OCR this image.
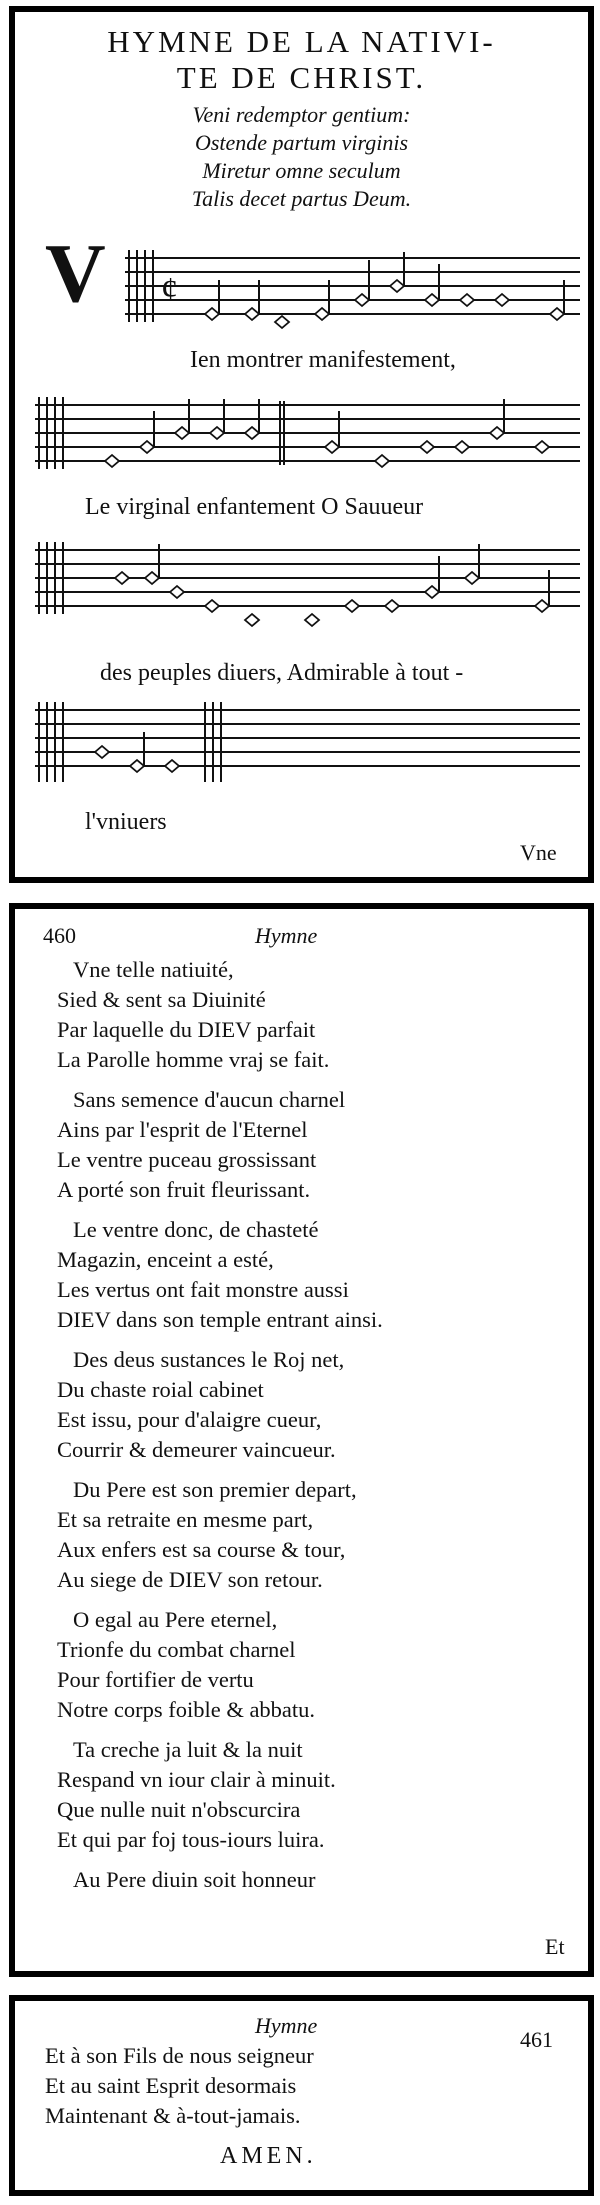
HYMNE DE LA NATIVI-
TE DE CHRIST.
Veni redemptor gentium:
Ostende partum virginis
Miretur omne seculum
Talis decet partus Deum.
V ¢
Ien montrer manifestement,
Le virginal enfantement O Sauueur
des peuples diuers, Admirable à tout -
l'vniuers
Vne
460	Hymne
Vne telle natiuité,
Sied & sent sa Diuinité
Par laquelle du DIEV parfait
La Parolle homme vraj se fait.
Sans semence d'aucun charnel
Ains par l'esprit de l'Eternel
Le ventre puceau grossissant
A porté son fruit fleurissant.
Le ventre donc, de chasteté
Magazin, enceint a esté,
Les vertus ont fait monstre aussi
DIEV dans son temple entrant ainsi.
Des deus sustances le Roj net,
Du chaste roial cabinet
Est issu, pour d'alaigre cueur,
Courrir & demeurer vaincueur.
Du Pere est son premier depart,
Et sa retraite en mesme part,
Aux enfers est sa course & tour,
Au siege de DIEV son retour.
O egal au Pere eternel,
Trionfe du combat charnel
Pour fortifier de vertu
Notre corps foible & abbatu.
Ta creche ja luit & la nuit
Respand vn iour clair à minuit.
Que nulle nuit n'obscurcira
Et qui par foj tous-iours luira.
Au Pere diuin soit honneur
Et
Hymne
461
Et à son Fils de nous seigneur
Et au saint Esprit desormais
Maintenant & à-tout-jamais.
AMEN.
